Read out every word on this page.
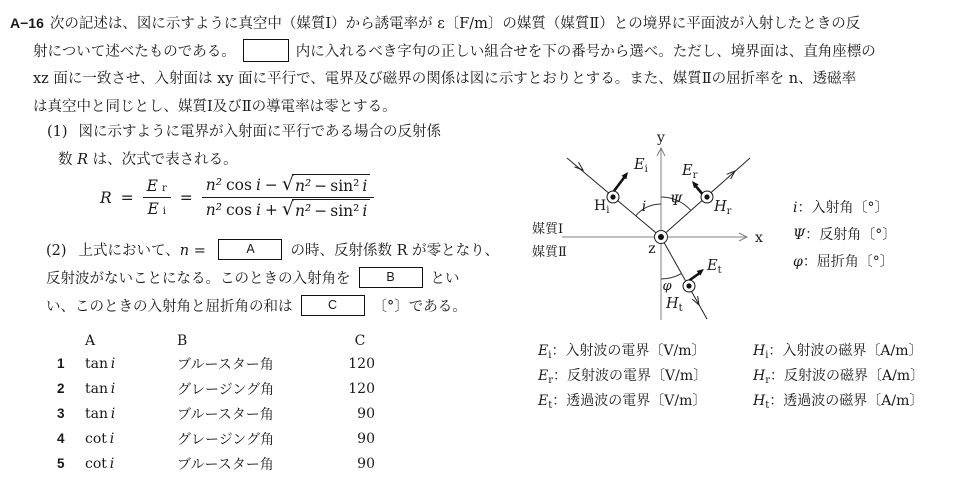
A−16 次の記述は、図に示すように真空中（媒質Ⅰ）から誘電率が ε〔F/m〕の媒質（媒質Ⅱ）との境界に平面波が入射したときの反
射について述べたものである。	内に入れるべき字句の正しい組合せを下の番号から選べ。ただし、境界面は、直角座標の
xz 面に一致させ、入射面は xy 面に平行で、電界及び磁界の関係は図に示すとおりとする。また、媒質Ⅱの屈折率を n、透磁率
は真空中と同じとし、媒質Ⅰ及びⅡの導電率は零とする。
(1) 図に示すように電界が入射面に平行である場合の反射係
数 R は、次式で表される。
$R = \frac{\text{E r}}{\text{E i}}$ =
n² cos i − √ n² − sin² i
n² cos i + √ n² − sin² i
(2) 上式において、n =	A の時、反射係数 R が零となり、
反射波がないことになる。このときの入射角を	B とい
い、このときの入射角と屈折角の和は	C 〔°〕である。
A	B	C
1	tan  i	ブルースター角	120
2	tan  i	グレージング角	120
3	tan  i	ブルースター角	90
4	cot  i	グレージング角	90
5	cot  i	ブルースター角	90
y
x
z
媒質Ⅰ
媒質Ⅱ
i Ψ
φ
$E_i$ $E_r$
$E_t$
$H_i$	$H_r$
$H_t$
i：入射角〔°〕
Ψ：反射角〔°〕
φ：屈折角〔°〕
$E_i$：入射波の電界〔V/m〕
$E_r$：反射波の電界〔V/m〕
$E_t$：透過波の電界〔V/m〕
$H_i$：入射波の磁界〔A/m〕
$H_r$：反射波の磁界〔A/m〕
$H_t$：透過波の磁界〔A/m〕
